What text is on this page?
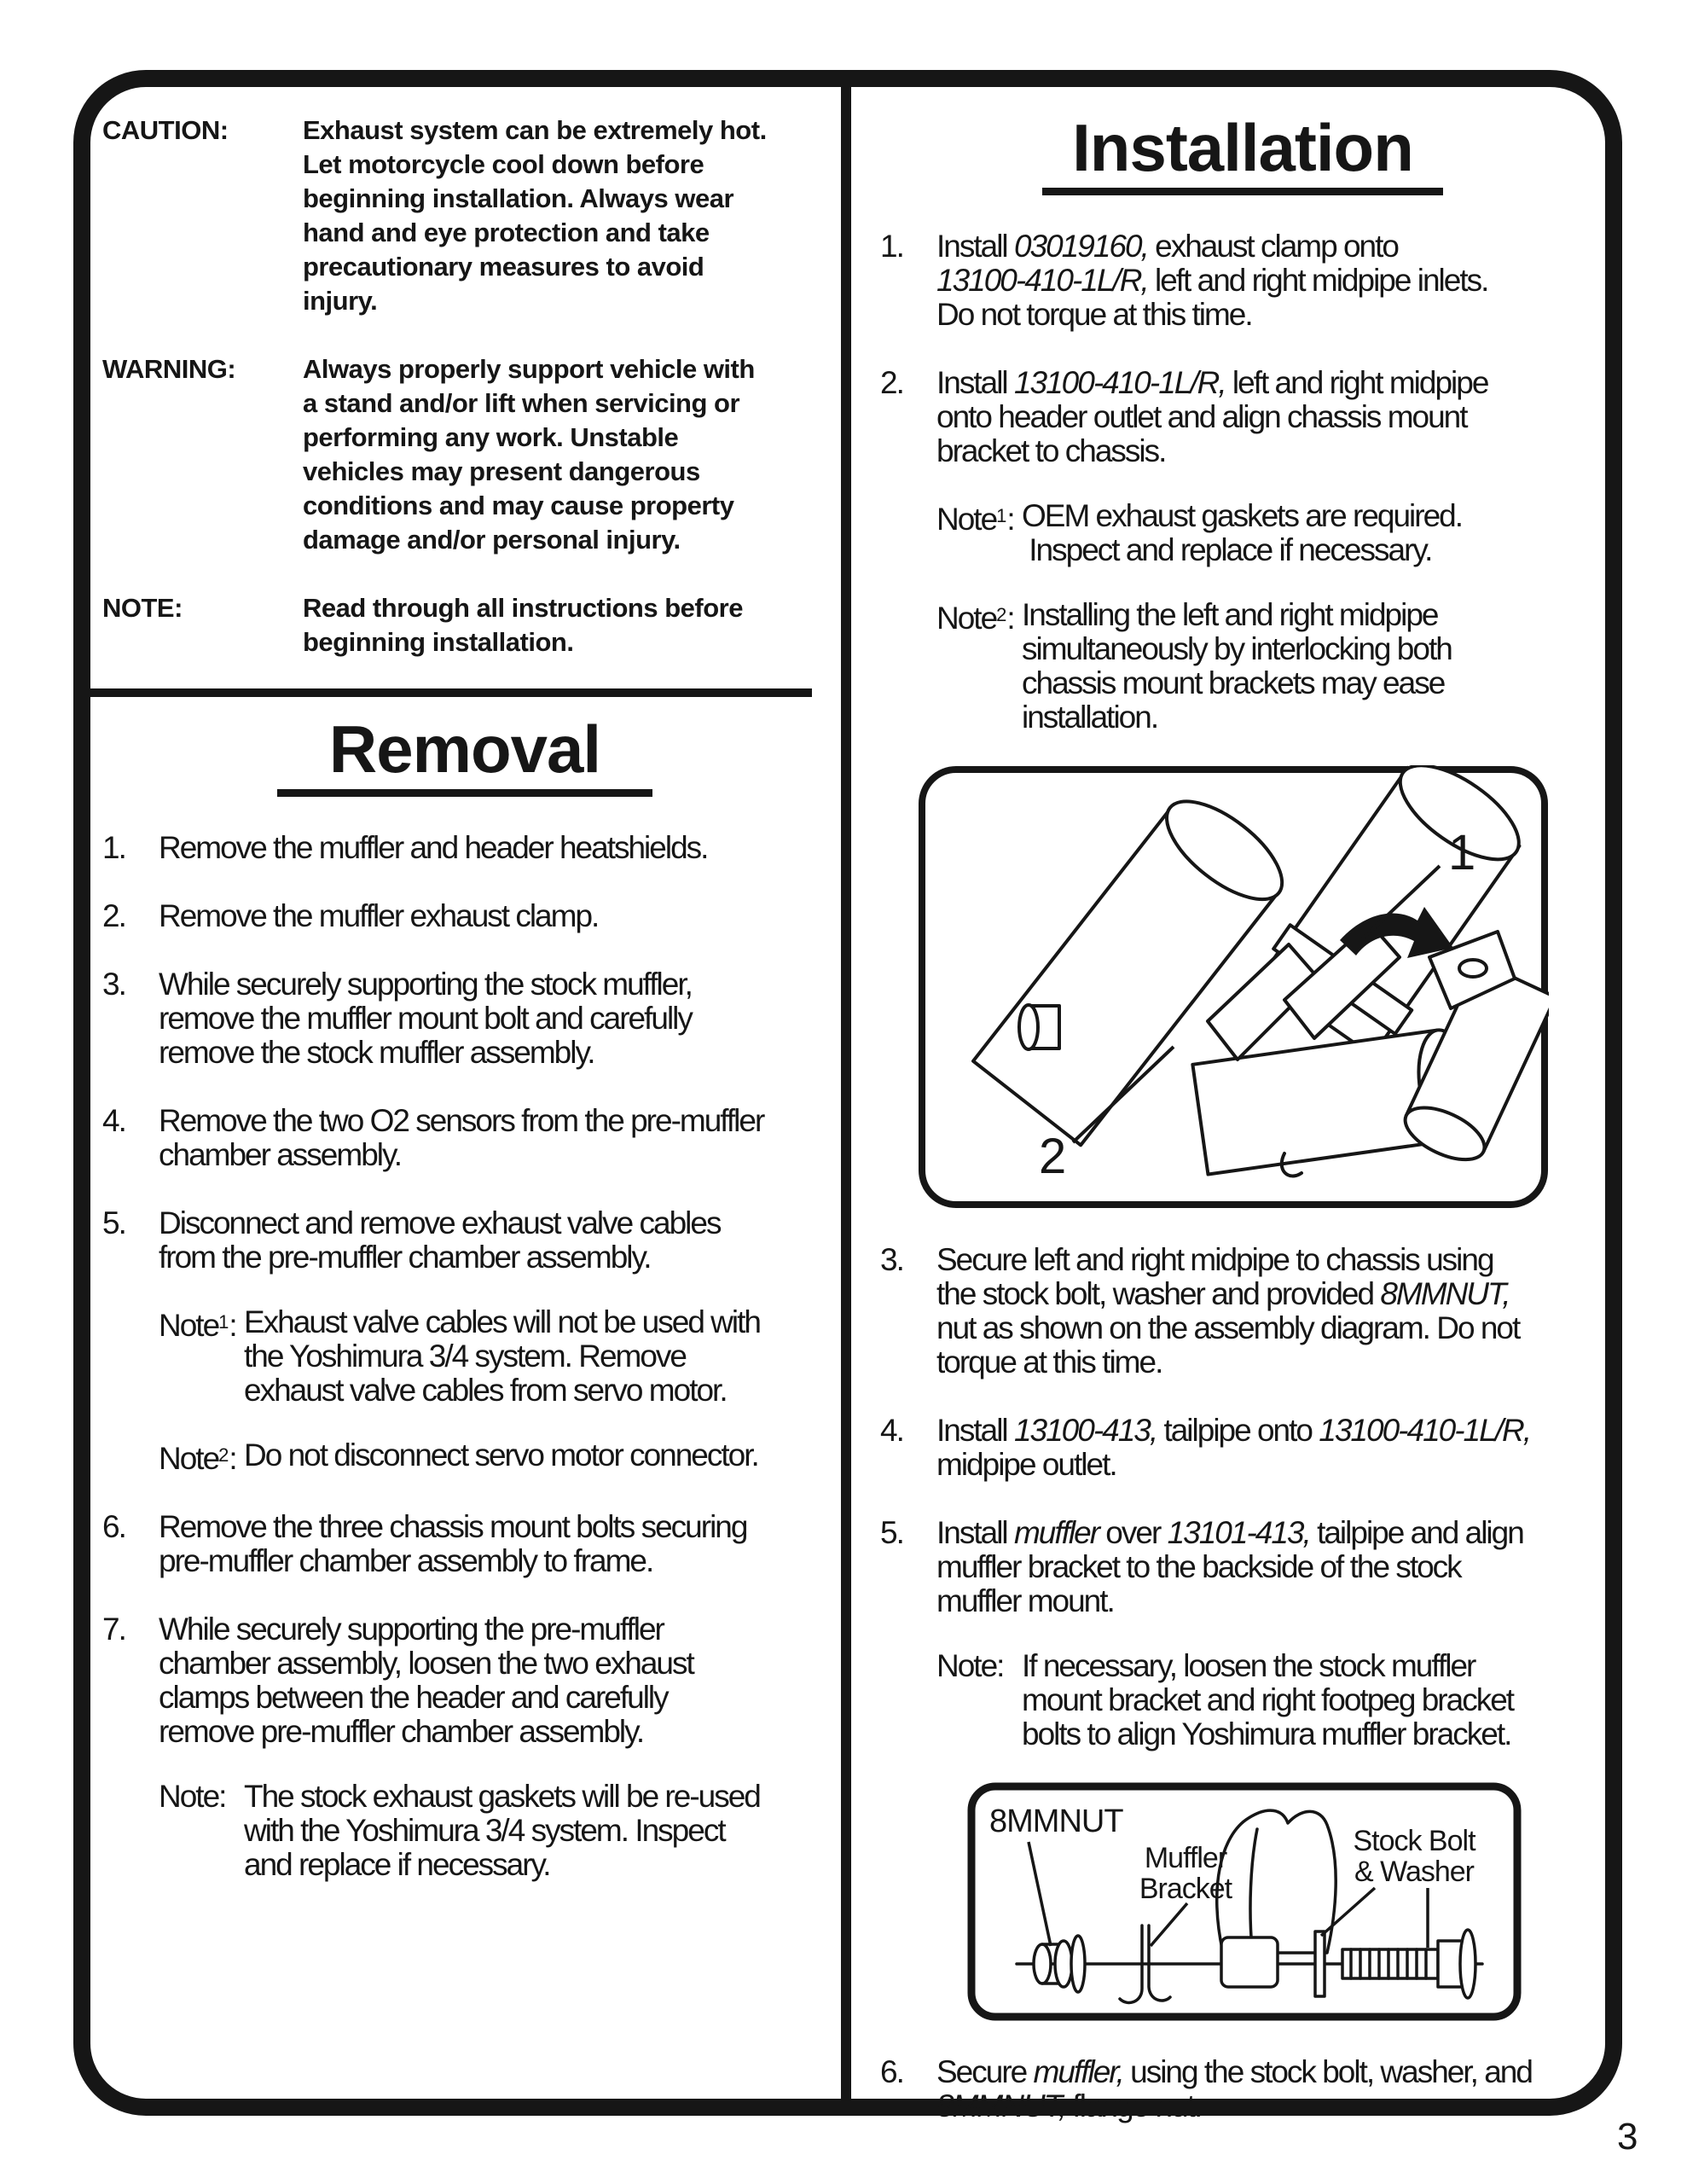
CAUTION:	Exhaust system can be extremely hot.
Let motorcycle cool down before
beginning installation. Always wear
hand and eye protection and take
precautionary measures to avoid
injury.
WARNING:	Always properly support vehicle with
a stand and/or lift when servicing or
performing any work. Unstable
vehicles may present dangerous
conditions and may cause property
damage and/or personal injury.
NOTE:	Read through all instructions before
beginning installation.
Removal
1.	Remove the muffler and header heatshields.
2.	Remove the muffler exhaust clamp.
3.	While securely supporting the stock muffler,
remove the muffler mount bolt and carefully
remove the stock muffler assembly.
4.	Remove the two O2 sensors from the pre-muffler
chamber assembly.
5.	Disconnect and remove exhaust valve cables
from the pre-muffler chamber assembly.
Note$^1$: Exhaust valve cables will not be used with
the Yoshimura 3/4 system. Remove
exhaust valve cables from servo motor.
Note$^2$: Do not disconnect servo motor connector.
6.	Remove the three chassis mount bolts securing
pre-muffler chamber assembly to frame.
7.	While securely supporting the pre-muffler
chamber assembly, loosen the two exhaust
clamps between the header and carefully
remove pre-muffler chamber assembly.
Note: The stock exhaust gaskets will be re-used
with the Yoshimura 3/4 system. Inspect
and replace if necessary.
Installation
1.	Install 03019160, exhaust clamp onto
13100-410-1L/R, left and right midpipe inlets.
Do not torque at this time.
2.	Install 13100-410-1L/R, left and right midpipe
onto header outlet and align chassis mount
bracket to chassis.
Note$^1$: OEM exhaust gaskets are required.
Inspect and replace if necessary.
Note$^2$: Installing the left and right midpipe
simultaneously by interlocking both
chassis mount brackets may ease
installation.
1
2
3.	Secure left and right midpipe to chassis using
the stock bolt, washer and provided 8MMNUT,
nut as shown on the assembly diagram. Do not
torque at this time.
4.	Install 13100-413, tailpipe onto 13100-410-1L/R,
midpipe outlet.
5.	Install muffler over 13101-413, tailpipe and align
muffler bracket to the backside of the stock
muffler mount.
Note: If necessary, loosen the stock muffler
mount bracket and right footpeg bracket
bolts to align Yoshimura muffler bracket.
8MMNUT
Muffler
Bracket
Stock Bolt
& Washer
6.	Secure muffler, using the stock bolt, washer, and
8MMNUT, flange nut.
3
